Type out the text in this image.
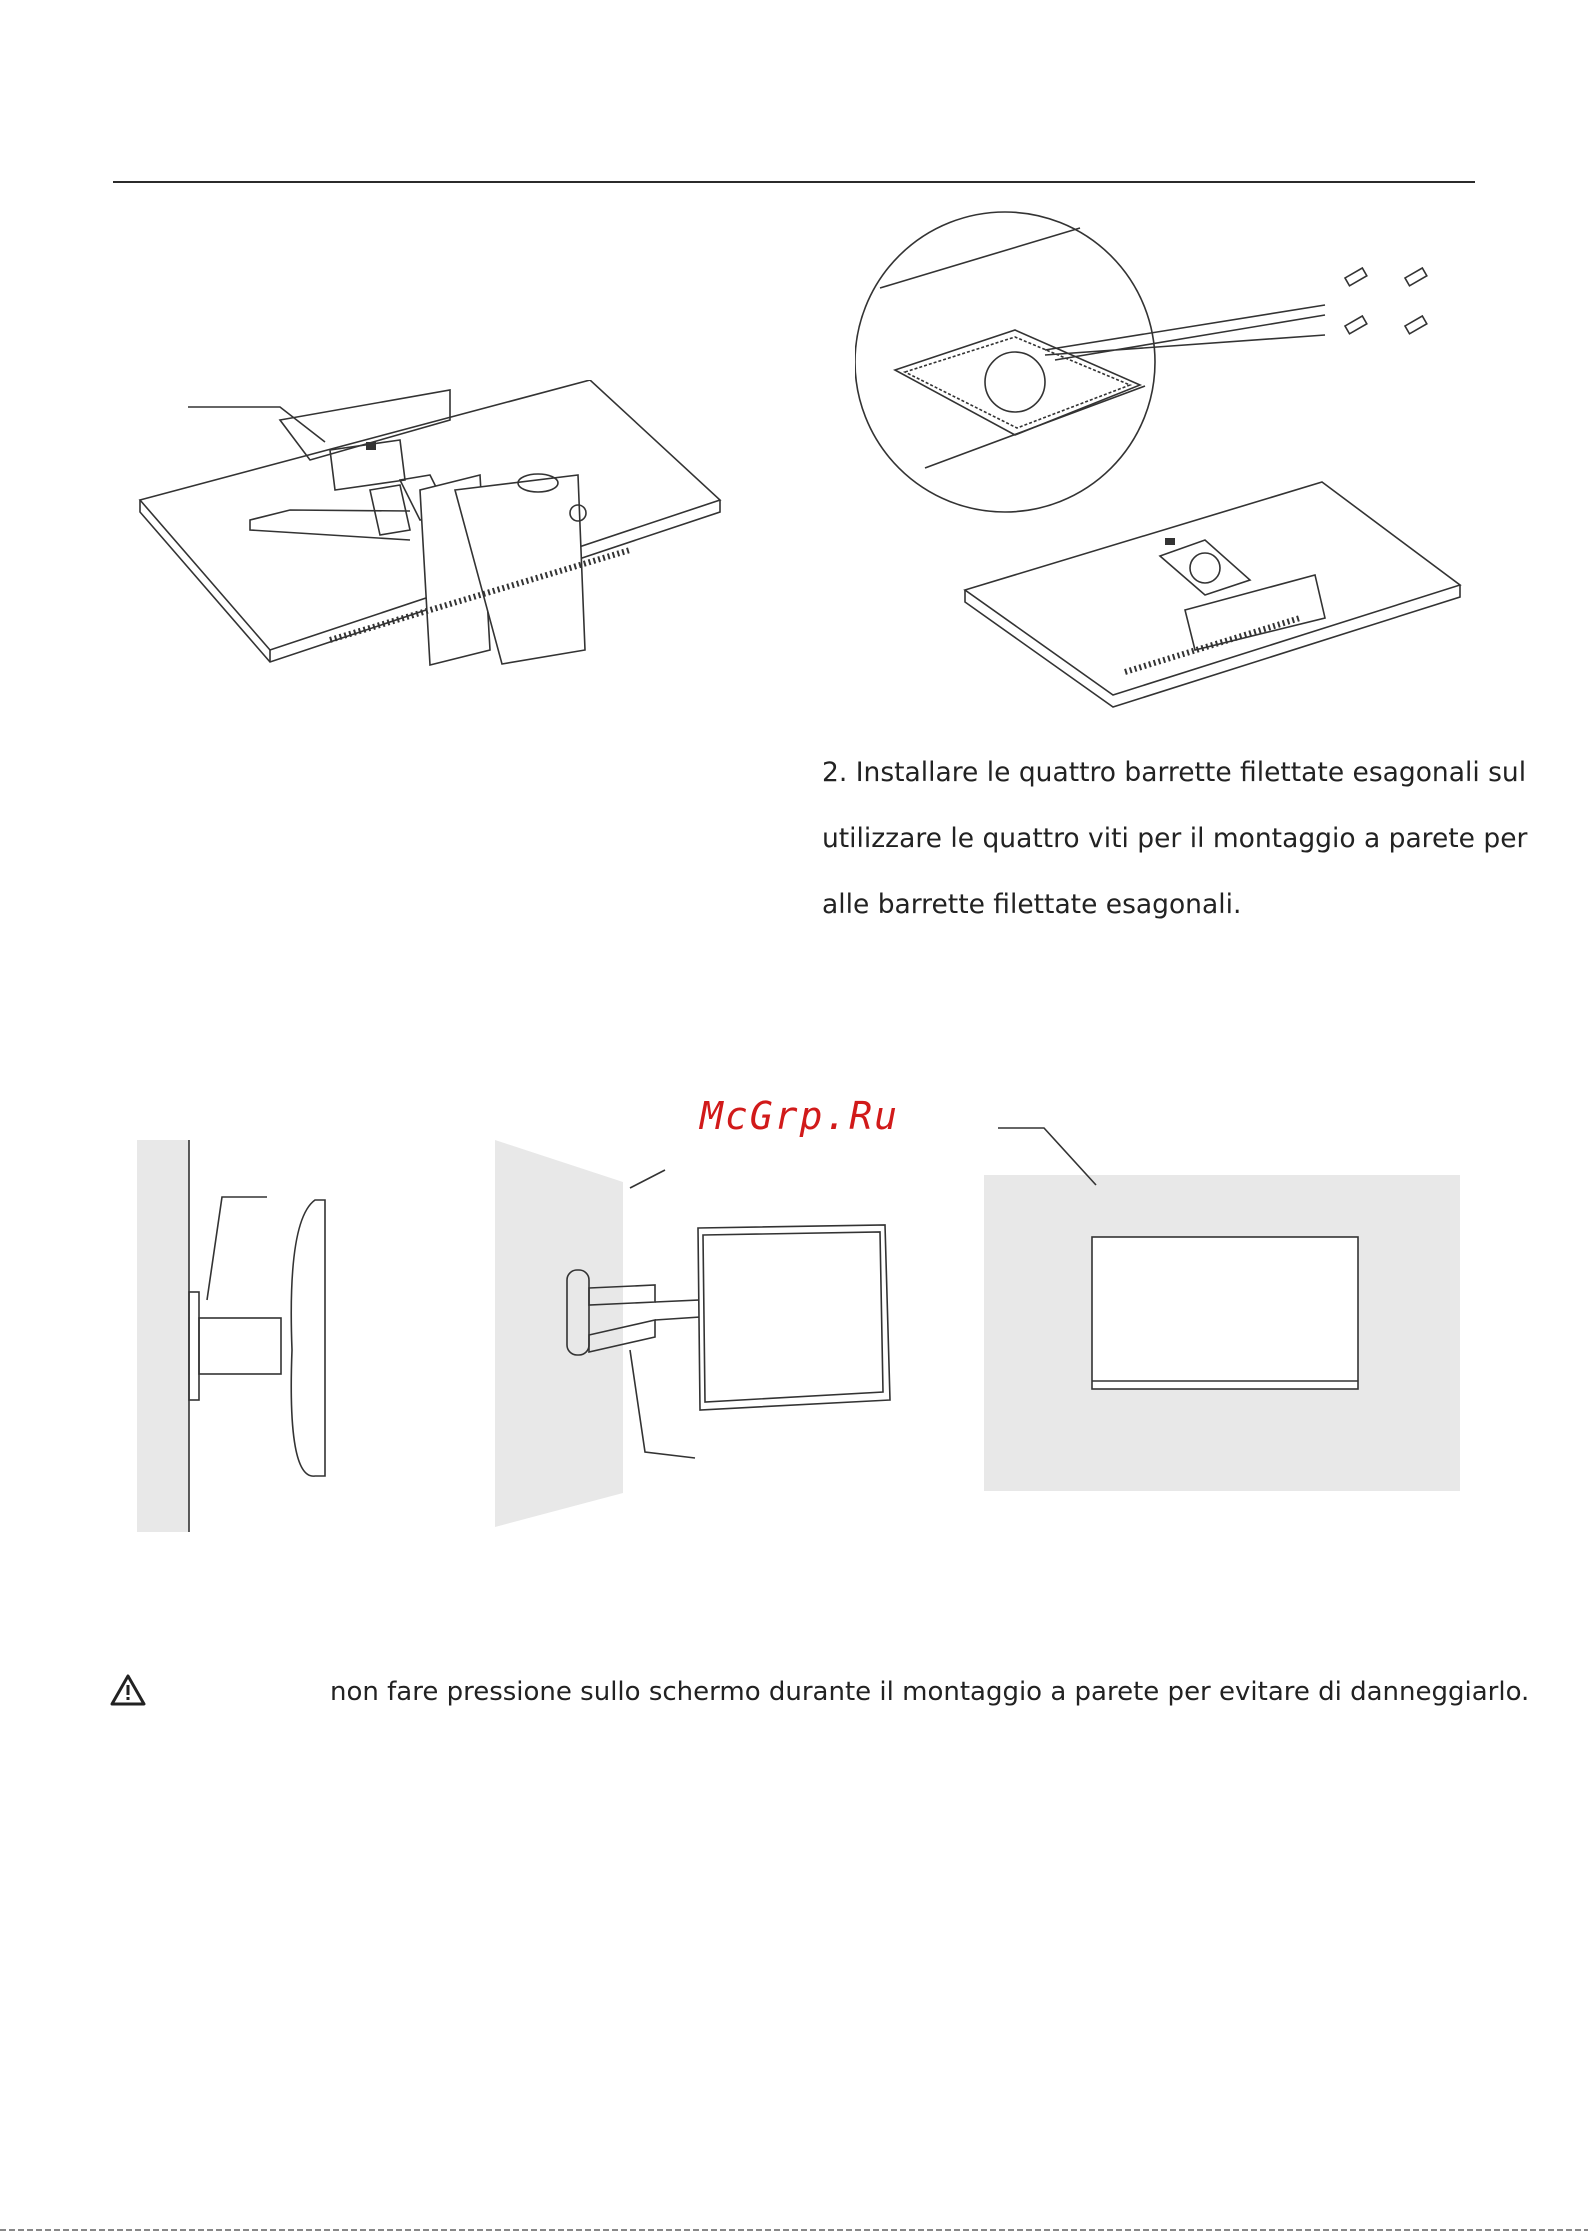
2. Installare le quattro barrette filettate esagonali sul
utilizzare le quattro viti per il montaggio a parete per
alle barrette filettate esagonali.
McGrp.Ru
non fare pressione sullo schermo durante il montaggio a parete per evitare di danneggiarlo.
